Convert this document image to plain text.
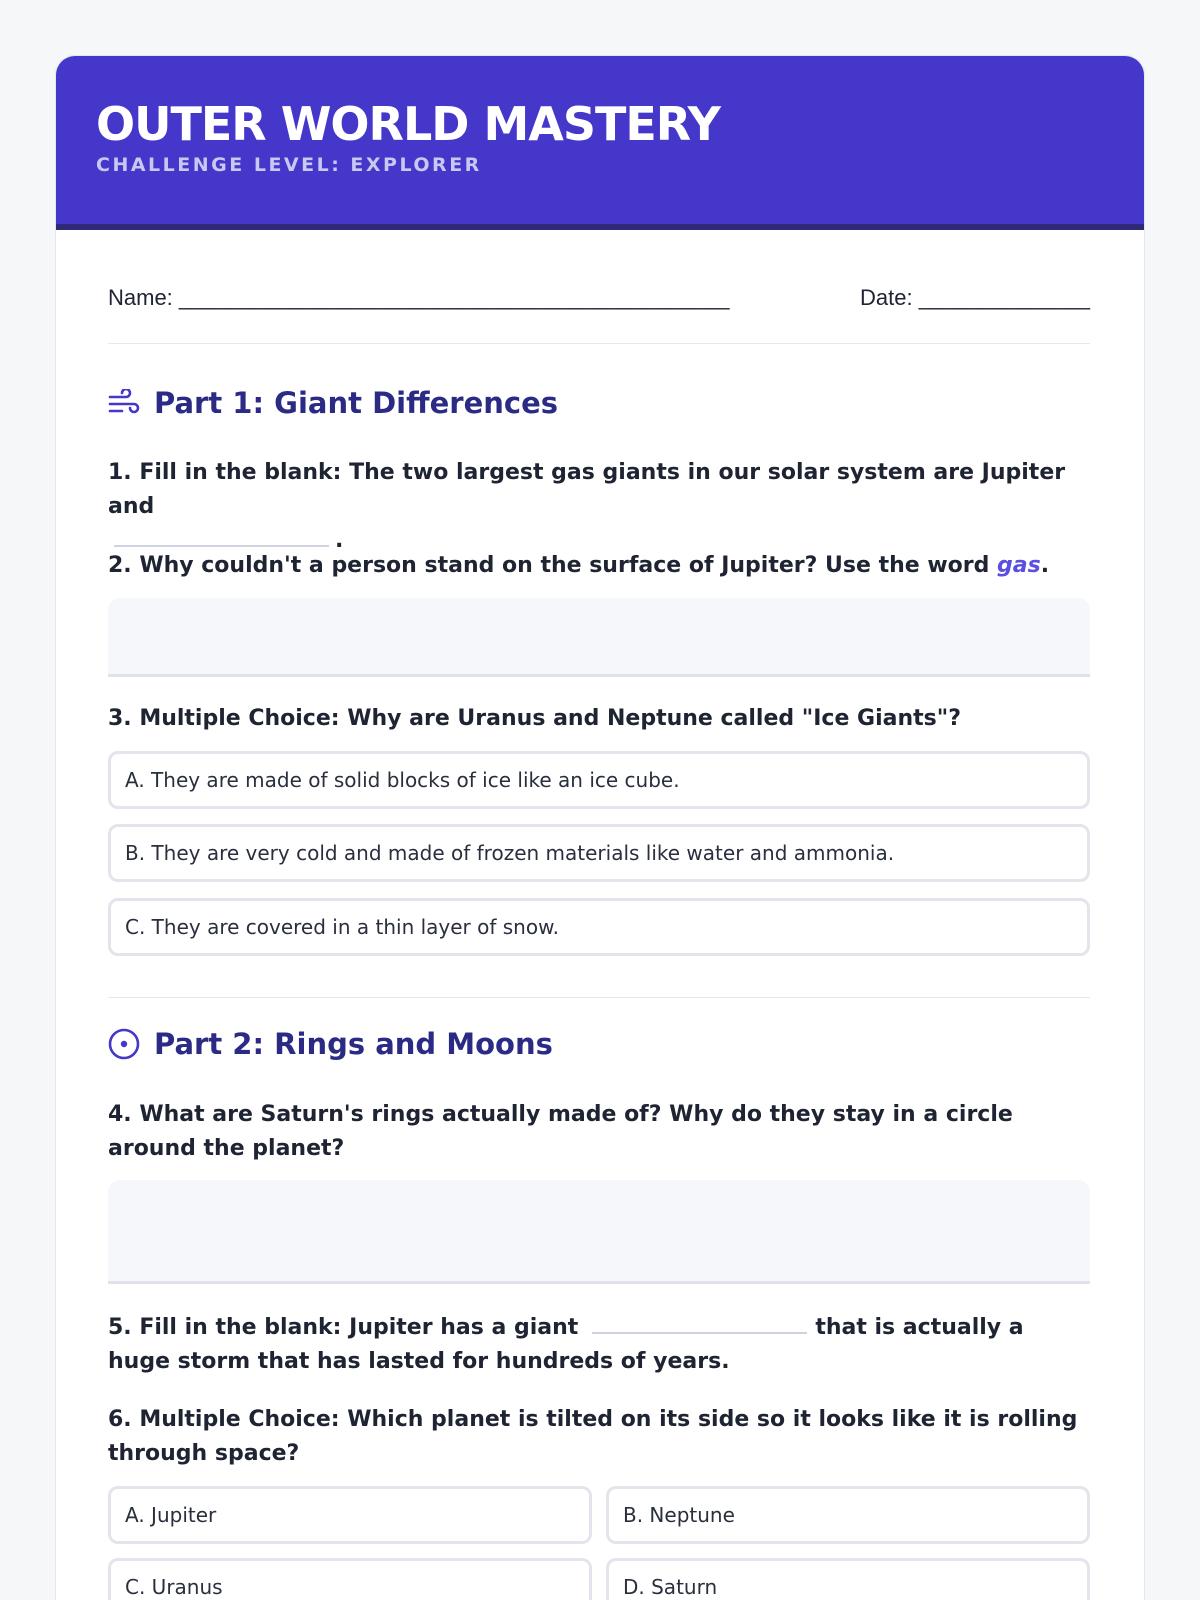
OUTER WORLD MASTERY
CHALLENGE LEVEL: EXPLORER
Name: _____________________________________________	Date: ______________
Part 1: Giant Differences
1. Fill in the blank: The two largest gas giants in our solar system are Jupiter and
.
2. Why couldn't a person stand on the surface of Jupiter? Use the word gas.
3. Multiple Choice: Why are Uranus and Neptune called "Ice Giants"?
A. They are made of solid blocks of ice like an ice cube.
B. They are very cold and made of frozen materials like water and ammonia.
C. They are covered in a thin layer of snow.
Part 2: Rings and Moons
4. What are Saturn's rings actually made of? Why do they stay in a circle around the planet?
5. Fill in the blank: Jupiter has a giant	that is actually a huge storm that has lasted for hundreds of years.
6. Multiple Choice: Which planet is tilted on its side so it looks like it is rolling through space?
A. Jupiter	B. Neptune
C. Uranus	D. Saturn
